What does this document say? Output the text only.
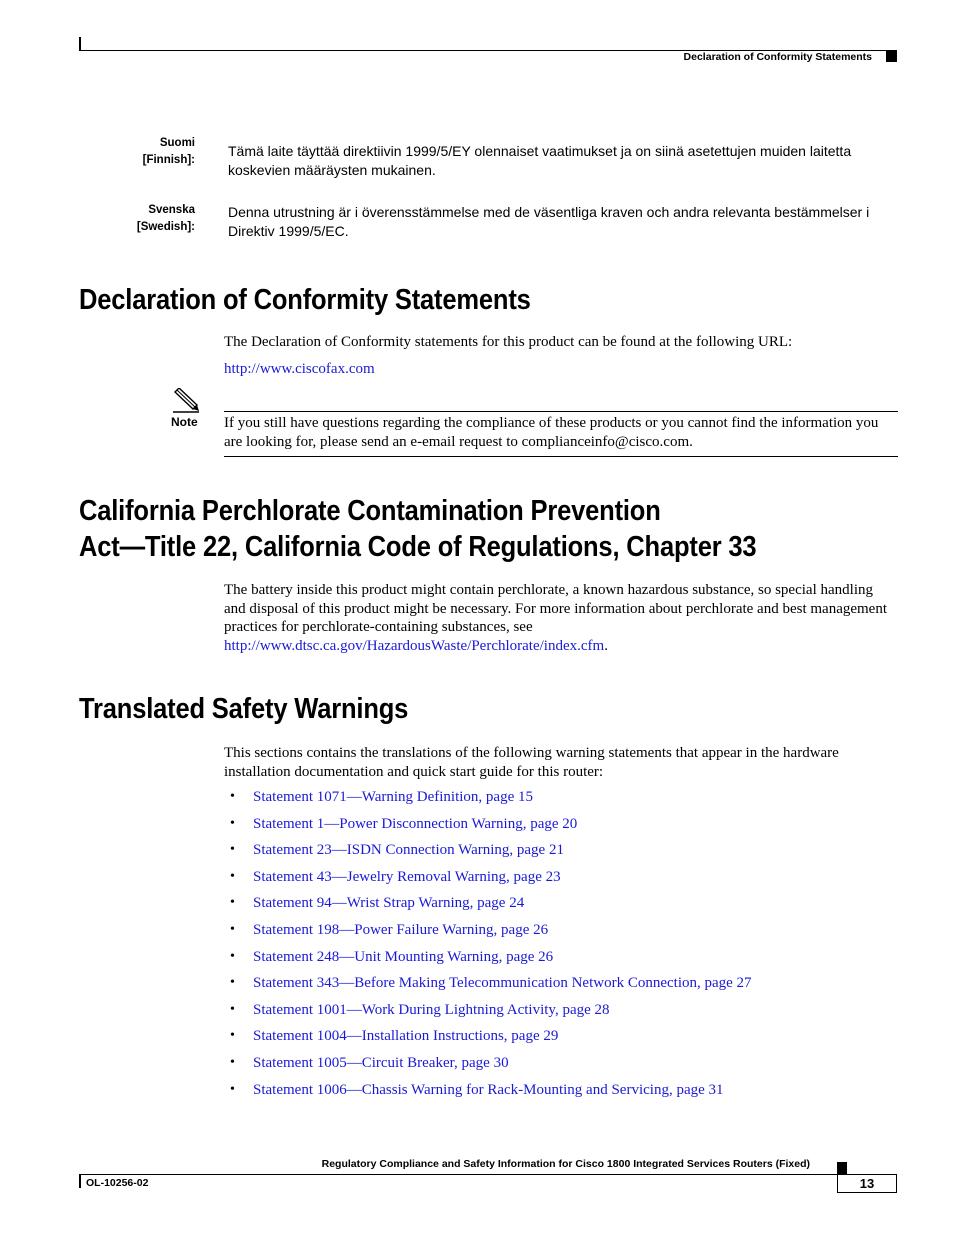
Declaration of Conformity Statements
Suomi
[Finnish]:
Tämä laite täyttää direktiivin 1999/5/EY olennaiset vaatimukset ja on siinä asetettujen muiden laitetta koskevien määräysten mukainen.
Svenska
[Swedish]:
Denna utrustning är i överensstämmelse med de väsentliga kraven och andra relevanta bestämmelser i Direktiv 1999/5/EC.
Declaration of Conformity Statements
The Declaration of Conformity statements for this product can be found at the following URL:
http://www.ciscofax.com
Note If you still have questions regarding the compliance of these products or you cannot find the information you are looking for, please send an e-email request to complianceinfo@cisco.com.
California Perchlorate Contamination Prevention
Act—Title 22, California Code of Regulations, Chapter 33
The battery inside this product might contain perchlorate, a known hazardous substance, so special handling and disposal of this product might be necessary. For more information about perchlorate and best management practices for perchlorate-containing substances, see http://www.dtsc.ca.gov/HazardousWaste/Perchlorate/index.cfm.
Translated Safety Warnings
This sections contains the translations of the following warning statements that appear in the hardware installation documentation and quick start guide for this router:
•	Statement 1071—Warning Definition, page 15
•	Statement 1—Power Disconnection Warning, page 20
•	Statement 23—ISDN Connection Warning, page 21
•	Statement 43—Jewelry Removal Warning, page 23
•	Statement 94—Wrist Strap Warning, page 24
•	Statement 198—Power Failure Warning, page 26
•	Statement 248—Unit Mounting Warning, page 26
•	Statement 343—Before Making Telecommunication Network Connection, page 27
•	Statement 1001—Work During Lightning Activity, page 28
•	Statement 1004—Installation Instructions, page 29
•	Statement 1005—Circuit Breaker, page 30
•	Statement 1006—Chassis Warning for Rack-Mounting and Servicing, page 31
Regulatory Compliance and Safety Information for Cisco 1800 Integrated Services Routers (Fixed)
OL-10256-02	13
